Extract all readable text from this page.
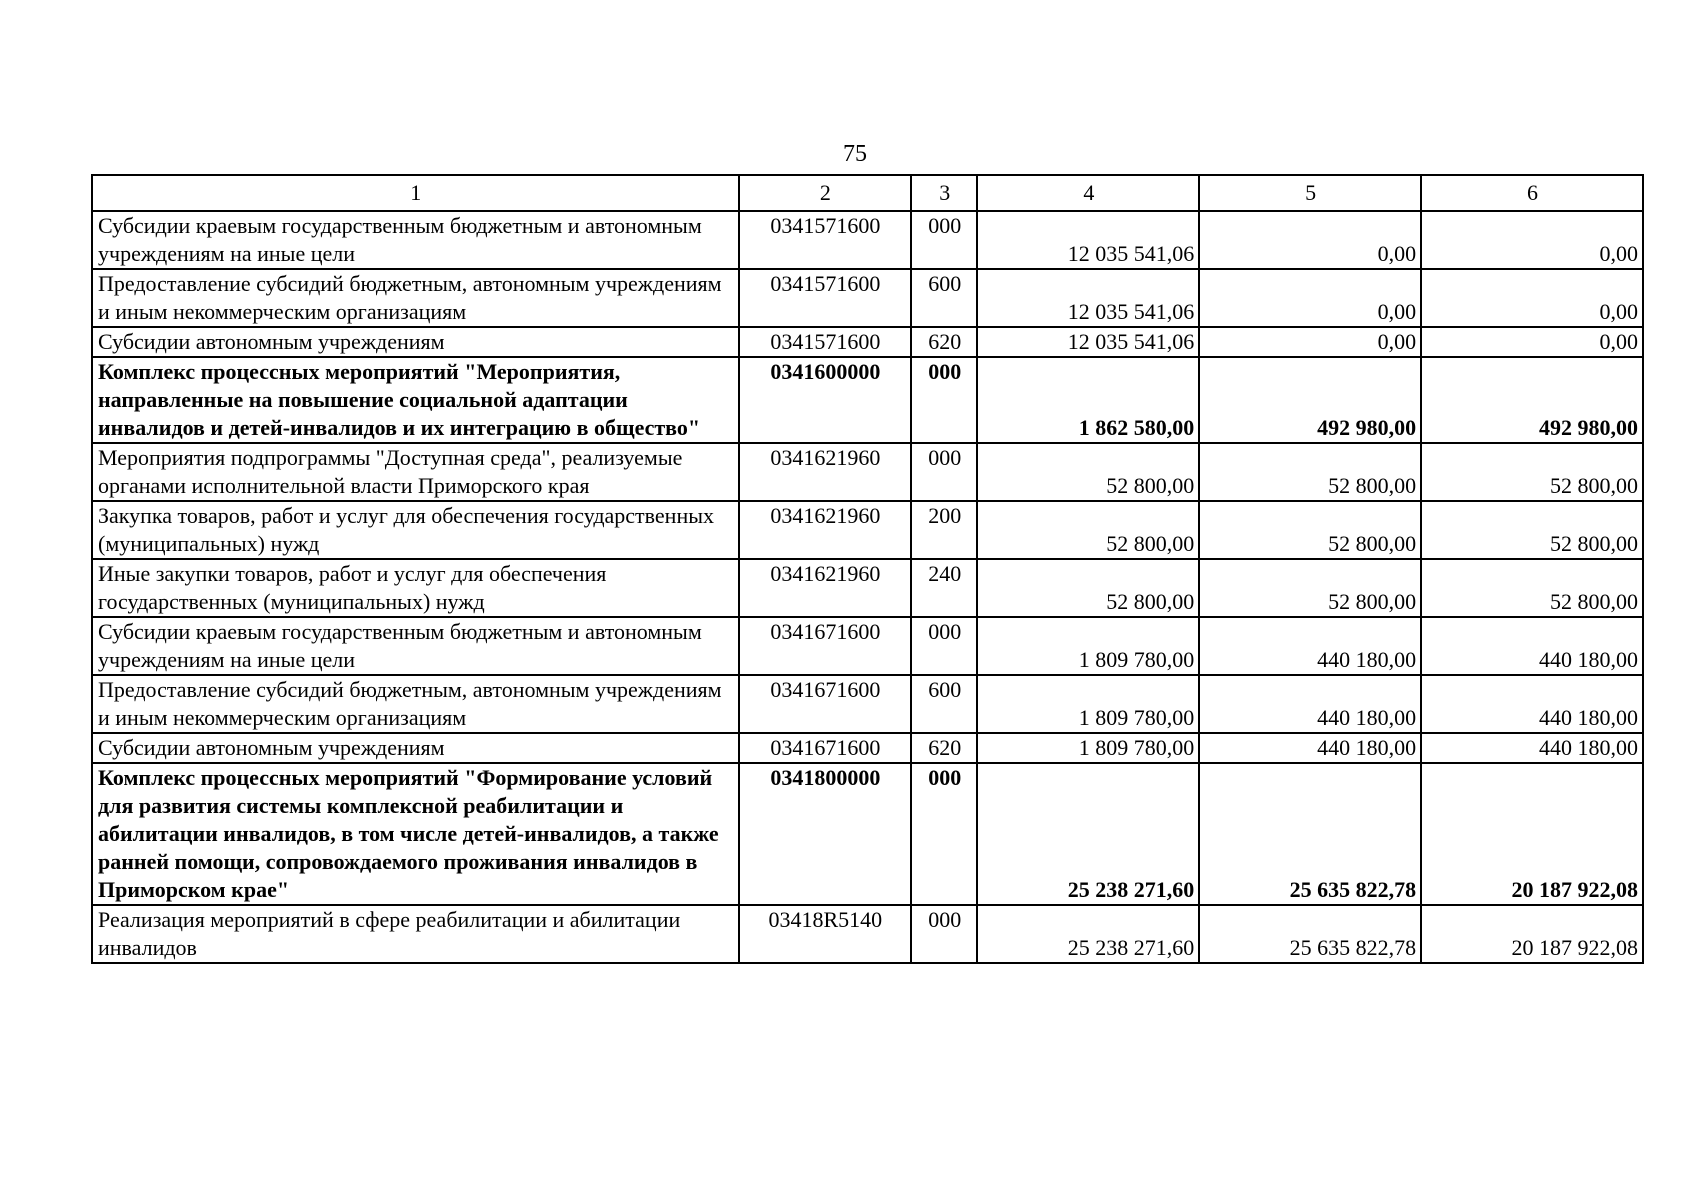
75
1	2	3	4	5	6
Субсидии краевым государственным бюджетным и автономным учреждениям на иные цели	0341571600	000	12 035 541,06	0,00	0,00
Предоставление субсидий бюджетным, автономным учреждениям и иным некоммерческим организациям	0341571600	600	12 035 541,06	0,00	0,00
Субсидии автономным учреждениям	0341571600	620	12 035 541,06	0,00	0,00
Комплекс процессных мероприятий "Мероприятия, направленные на повышение социальной адаптации инвалидов и детей-инвалидов и их интеграцию в общество"	0341600000	000	1 862 580,00	492 980,00	492 980,00
Мероприятия подпрограммы "Доступная среда", реализуемые органами исполнительной власти Приморского края	0341621960	000	52 800,00	52 800,00	52 800,00
Закупка товаров, работ и услуг для обеспечения государственных (муниципальных) нужд	0341621960	200	52 800,00	52 800,00	52 800,00
Иные закупки товаров, работ и услуг для обеспечения государственных (муниципальных) нужд	0341621960	240	52 800,00	52 800,00	52 800,00
Субсидии краевым государственным бюджетным и автономным учреждениям на иные цели	0341671600	000	1 809 780,00	440 180,00	440 180,00
Предоставление субсидий бюджетным, автономным учреждениям и иным некоммерческим организациям	0341671600	600	1 809 780,00	440 180,00	440 180,00
Субсидии автономным учреждениям	0341671600	620	1 809 780,00	440 180,00	440 180,00
Комплекс процессных мероприятий "Формирование условий для развития системы комплексной реабилитации и абилитации инвалидов, в том числе детей-инвалидов, а также ранней помощи, сопровождаемого проживания инвалидов в Приморском крае"	0341800000	000	25 238 271,60	25 635 822,78	20 187 922,08
Реализация мероприятий в сфере реабилитации и абилитации инвалидов	03418R5140	000	25 238 271,60	25 635 822,78	20 187 922,08
